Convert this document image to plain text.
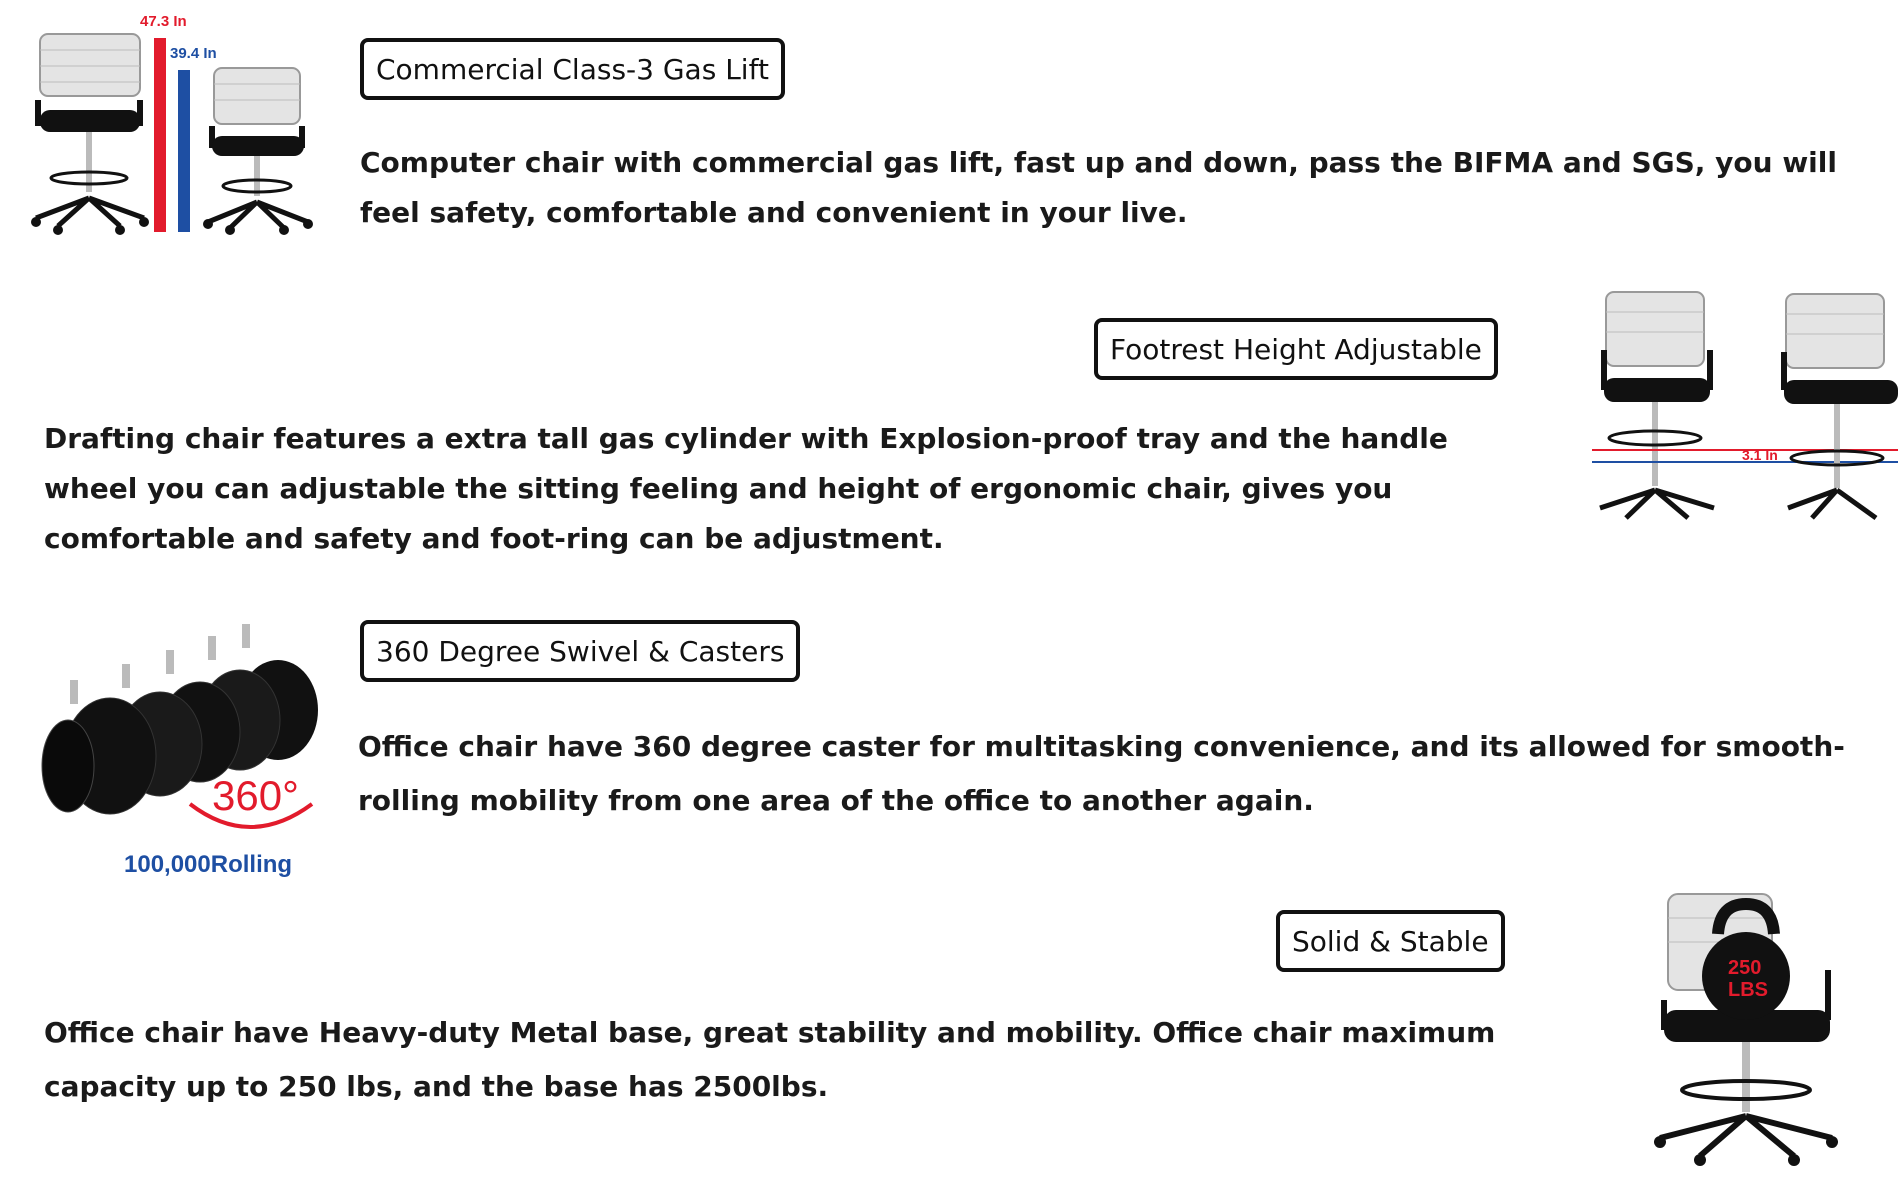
47.3 In
39.4 In	Commercial Class-3 Gas Lift
Computer chair with commercial gas lift, fast up and down, pass the BIFMA and SGS, you will feel safety, comfortable and convenient in your live.
Footrest Height Adjustable
Drafting chair features a extra tall gas cylinder with Explosion-proof tray and the handle wheel you can adjustable the sitting feeling and height of ergonomic chair, gives you comfortable and safety and foot-ring can be adjustment.
3.1 In
360°
100,000Rolling
360 Degree Swivel & Casters
Office chair have 360 degree caster for multitasking convenience, and its allowed for smooth-rolling mobility from one area of the office to another again.
Solid & Stable
Office chair have Heavy-duty Metal base, great stability and mobility. Office chair maximum capacity up to 250 lbs, and the base has 2500lbs.
250
LBS
